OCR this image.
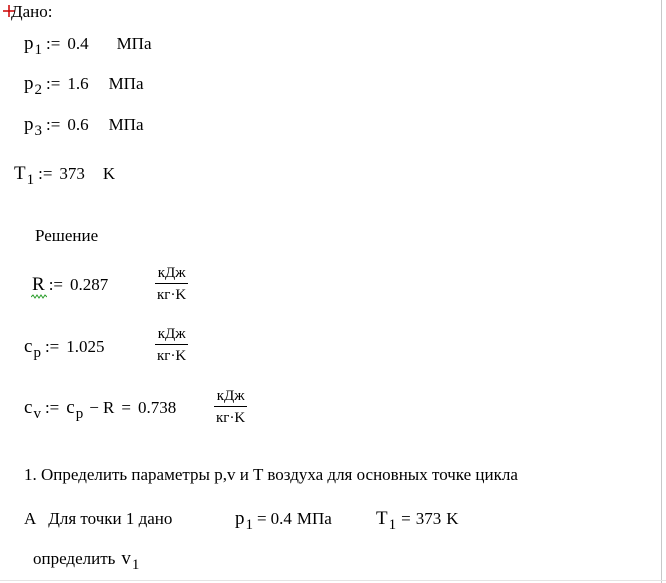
Дано:
p1 := 0.4 МПа
p2 := 1.6 МПа
p3 := 0.6 МПа
T1 := 373 K
Решение
R := 0.287
кДж
кг·K
cp := 1.025
кДж
кг·K
cv := cp − R = 0.738
кДж
кг·K
1. Определить параметры p,v и T воздуха для основных точке цикла
A Для точки 1 дано	p1 = 0.4 МПа T1 = 373 K
определить v1
